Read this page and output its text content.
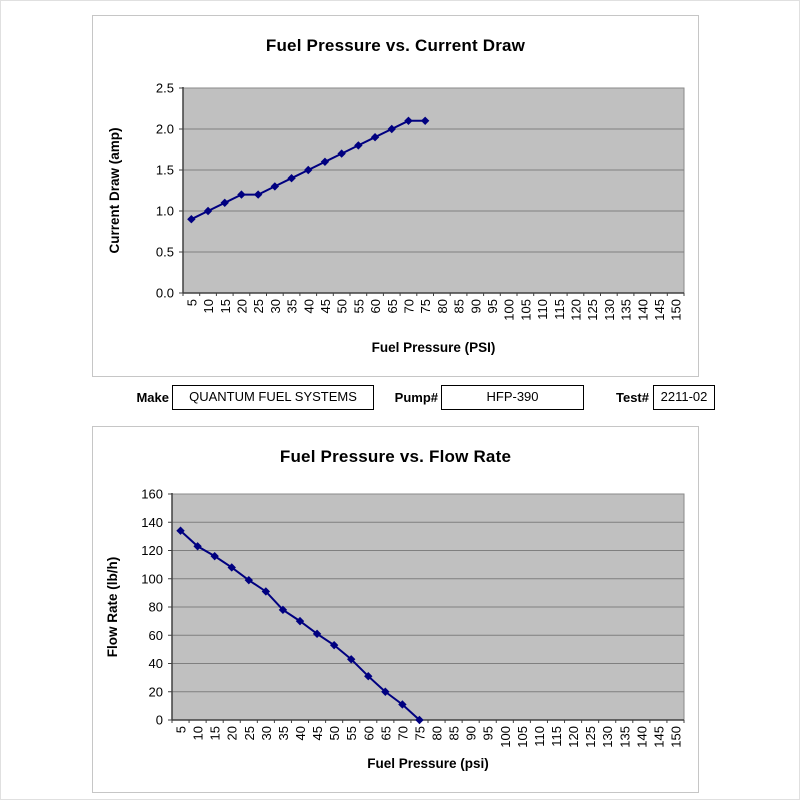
Fuel Pressure vs. Current Draw
0.0
0.5
1.0
1.5
2.0
2.5
5 10 15 20 25 30 35 40 45 50 55 60 65 70 75 80 85 90 95 100 105 110 115 120 125 130 135 140 145 150
Fuel Pressure (PSI)
Current Draw (amp)
Make	QUANTUM FUEL SYSTEMS	Pump#	HFP-390	Test# 2211-02
Fuel Pressure vs. Flow Rate
0
20
40
60
80
100
120
140
160
5 10 15 20 25 30 35 40 45 50 55 60 65 70 75 80 85 90 95 100 105 110 115 120 125 130 135 140 145 150
Fuel Pressure (psi)
Flow Rate (lb/h)
